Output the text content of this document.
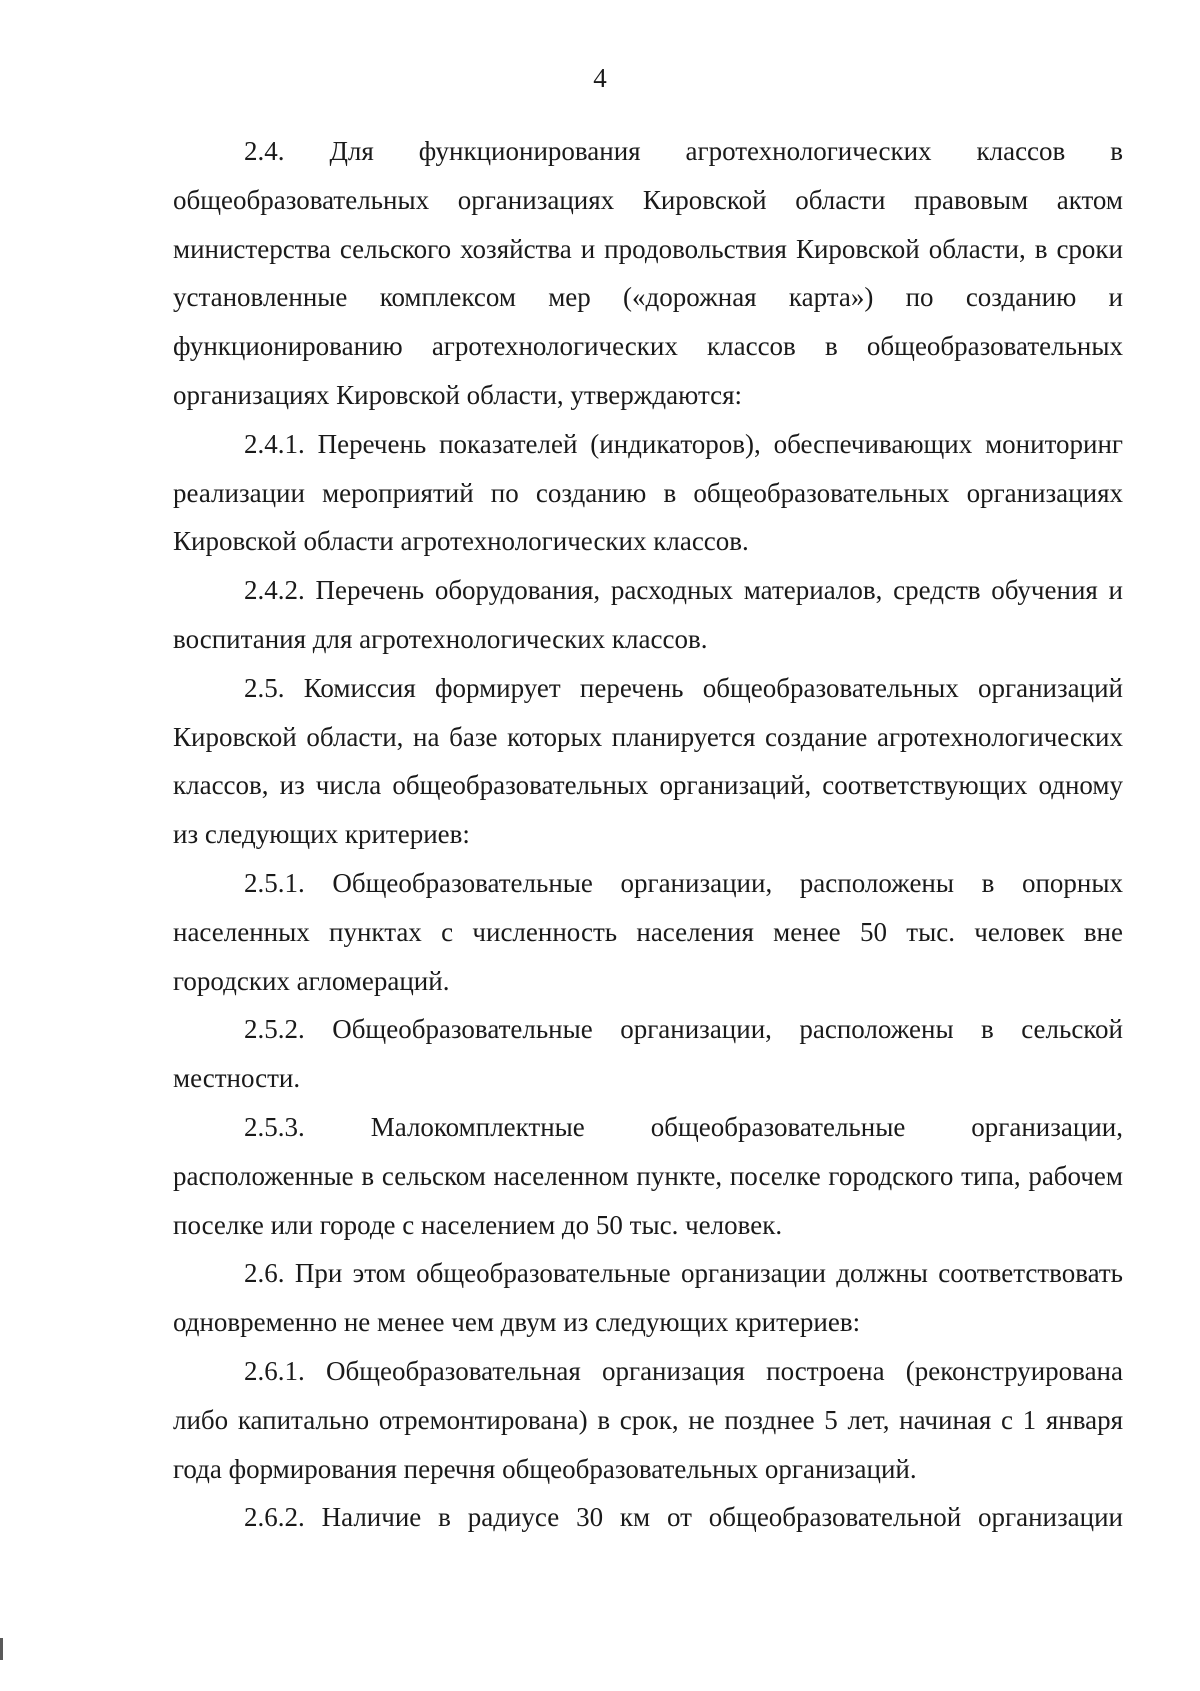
4

2.4. Для функционирования агротехнологических классов в общеобразовательных организациях Кировской области правовым актом министерства сельского хозяйства и продовольствия Кировской области, в сроки установленные комплексом мер («дорожная карта») по созданию и функционированию агротехнологических классов в общеобразовательных организациях Кировской области, утверждаются:

2.4.1. Перечень показателей (индикаторов), обеспечивающих мониторинг реализации мероприятий по созданию в общеобразовательных организациях Кировской области агротехнологических классов.

2.4.2. Перечень оборудования, расходных материалов, средств обучения и воспитания для агротехнологических классов.

2.5. Комиссия формирует перечень общеобразовательных организаций Кировской области, на базе которых планируется создание агротехнологических классов, из числа общеобразовательных организаций, соответствующих одному из следующих критериев:

2.5.1. Общеобразовательные организации, расположены в опорных населенных пунктах с численность населения менее 50 тыс. человек вне городских агломераций.

2.5.2. Общеобразовательные организации, расположены в сельской местности.

2.5.3. Малокомплектные общеобразовательные организации, расположенные в сельском населенном пункте, поселке городского типа, рабочем поселке или городе с населением до 50 тыс. человек.

2.6. При этом общеобразовательные организации должны соответствовать одновременно не менее чем двум из следующих критериев:

2.6.1. Общеобразовательная организация построена (реконструирована либо капитально отремонтирована) в срок, не позднее 5 лет, начиная с 1 января года формирования перечня общеобразовательных организаций.

2.6.2. Наличие в радиусе 30 км от общеобразовательной организации
